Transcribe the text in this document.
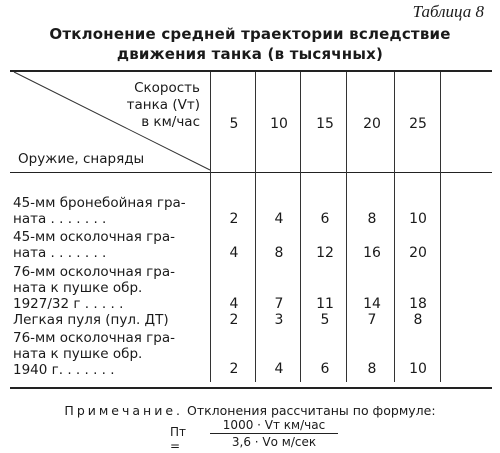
Таблица 8
Отклонение средней траектории вследствие
движения танка (в тысячных)
Скорость
танка (Vт)
в км/час
Оружие, снаряды
5	10	15	20	25
45-мм бронебойная гра-
ната . . . . . . .	2	4	6	8	10
45-мм осколочная гра-
ната . . . . . . .	4	8	12	16	20
76-мм осколочная гра-
ната к пушке обр.
1927/32 г . . . . .	4	7	11	14	18
Легкая пуля (пул. ДТ)	2	3	5	7	8
76-мм осколочная гра-
ната к пушке обр.
1940 г. . . . . . .	2	4	6	8	10
Примечание. Отклонения рассчитаны по формуле:
Пт =
1000 · Vт км/час
3,6 · Vо м/сек
